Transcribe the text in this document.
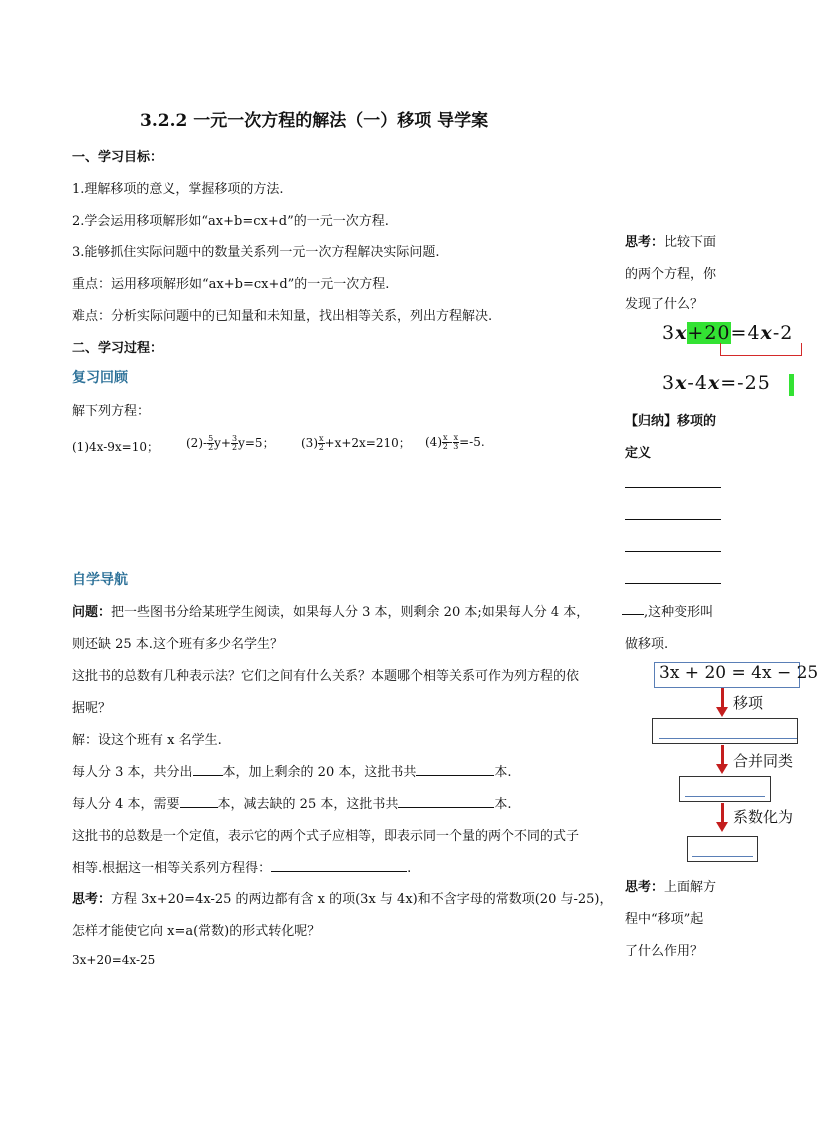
3.2.2 一元一次方程的解法（一）移项 导学案
一、学习目标：
1.理解移项的意义，掌握移项的方法.
2.学会运用移项解形如“ax+b=cx+d”的一元一次方程.
3.能够抓住实际问题中的数量关系列一元一次方程解决实际问题.
重点：运用移项解形如“ax+b=cx+d”的一元一次方程.
难点：分析实际问题中的已知量和未知量，找出相等关系，列出方程解决.
二、学习过程：
复习回顾
解下列方程：
(1)4x-9x=10； $(2)- \frac{5}{2} y+ \frac{3}{2} y=5$； $(3) \frac{x}{2} +x+2x=210$； $(4) \frac{x}{2} - \frac{x}{3} =-5$.
自学导航
问题：把一些图书分给某班学生阅读，如果每人分 3 本，则剩余 20 本;如果每人分 4 本，
则还缺 25 本.这个班有多少名学生？
这批书的总数有几种表示法？它们之间有什么关系？本题哪个相等关系可作为列方程的依
据呢？
解：设这个班有 x 名学生.
每人分 3 本，共分出 本，加上剩余的 20 本，这批书共	本.
每人分 4 本，需要	本，减去缺的 25 本，这批书共	本.
这批书的总数是一个定值，表示它的两个式子应相等，即表示同一个量的两个不同的式子
相等.根据这一相等关系列方程得：	.
思考：方程 3x+20=4x-25 的两边都有含 x 的项(3x 与 4x)和不含字母的常数项(20 与-25)，
怎样才能使它向 x=a(常数)的形式转化呢？
3x+20=4x-25
思考：比较下面
的两个方程，你
发现了什么？
3x+20=4x-2
3x-4x=-25
【归纳】移项的
定义
,这种变形叫
做移项.
3x + 20 = 4x − 25
移项
合并同类
系数化为
思考：上面解方
程中“移项”起
了什么作用？
